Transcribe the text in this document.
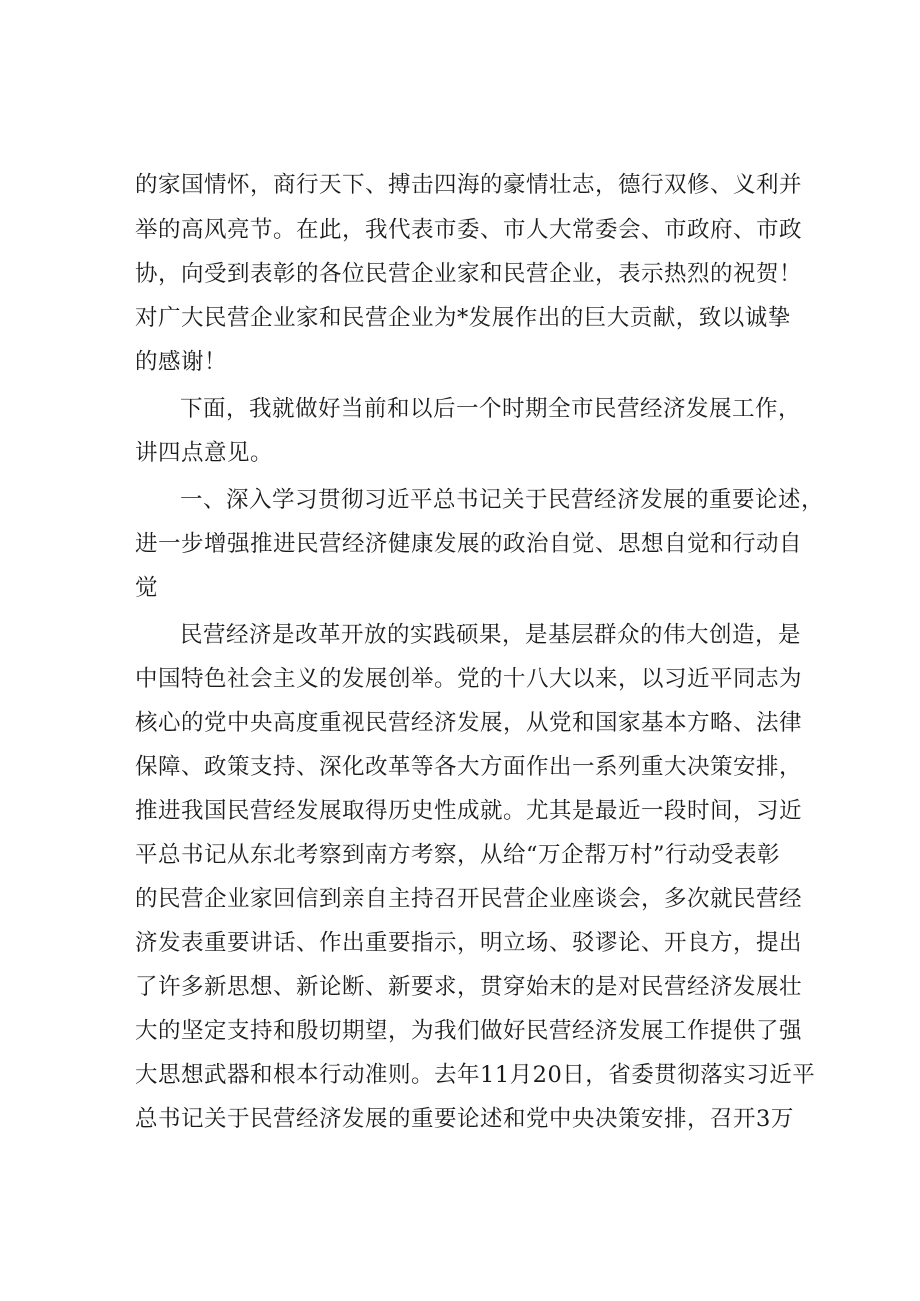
的家国情怀，商行天下、搏击四海的豪情壮志，德行双修、义利并

举的高风亮节。在此，我代表市委、市人大常委会、市政府、市政

协，向受到表彰的各位民营企业家和民营企业，表示热烈的祝贺！

对广大民营企业家和民营企业为*发展作出的巨大贡献，致以诚挚

的感谢！

下面，我就做好当前和以后一个时期全市民营经济发展工作，

讲四点意见。

一、深入学习贯彻习近平总书记关于民营经济发展的重要论述，

进一步增强推进民营经济健康发展的政治自觉、思想自觉和行动自

觉

民营经济是改革开放的实践硕果，是基层群众的伟大创造，是

中国特色社会主义的发展创举。党的十八大以来，以习近平同志为

核心的党中央高度重视民营经济发展，从党和国家基本方略、法律

保障、政策支持、深化改革等各大方面作出一系列重大决策安排，

推进我国民营经发展取得历史性成就。尤其是最近一段时间，习近

平总书记从东北考察到南方考察，从给“万企帮万村”行动受表彰

的民营企业家回信到亲自主持召开民营企业座谈会，多次就民营经

济发表重要讲话、作出重要指示，明立场、驳谬论、开良方，提出

了许多新思想、新论断、新要求，贯穿始末的是对民营经济发展壮

大的坚定支持和殷切期望，为我们做好民营经济发展工作提供了强

大思想武器和根本行动准则。去年11月20日，省委贯彻落实习近平

总书记关于民营经济发展的重要论述和党中央决策安排，召开3万
